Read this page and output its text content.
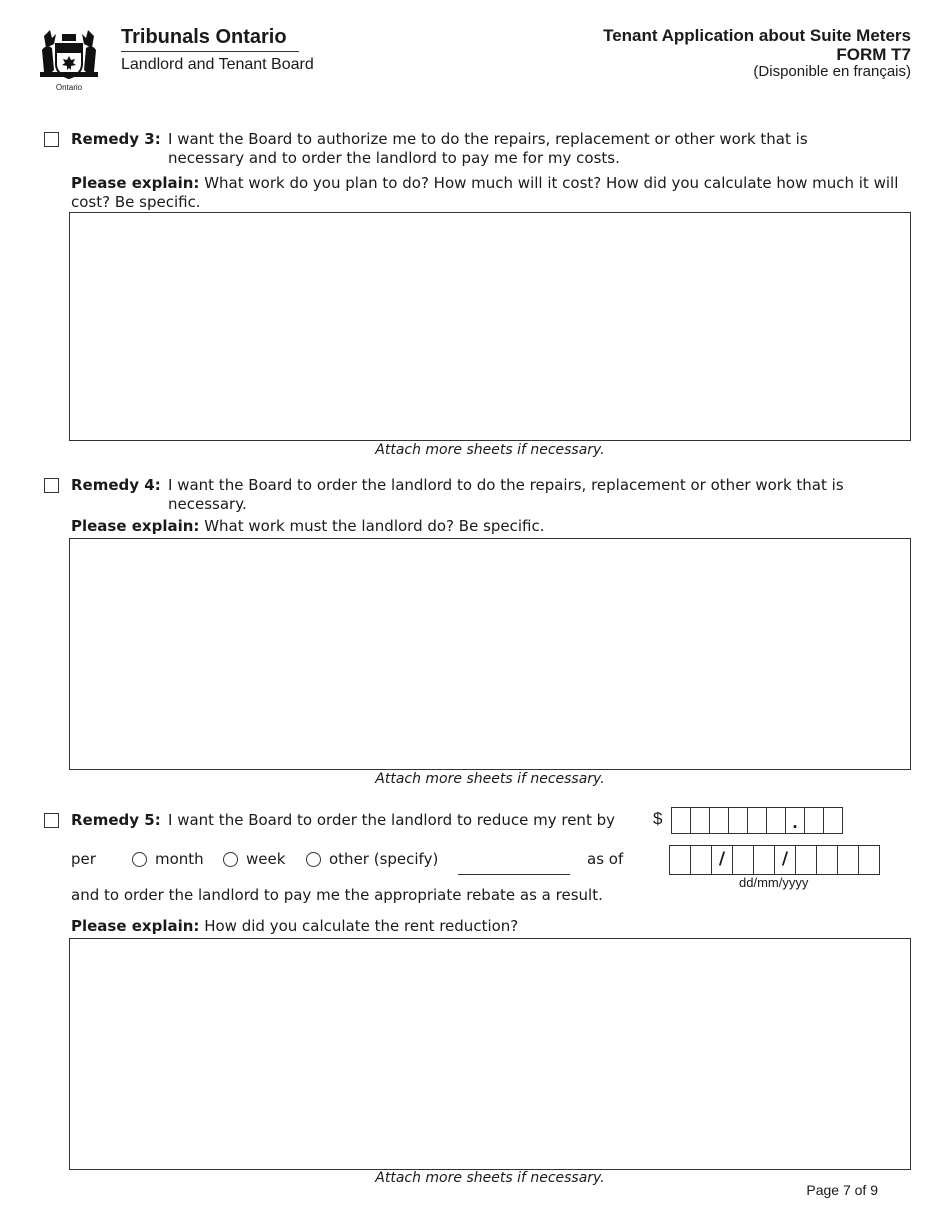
Ontario
Tribunals Ontario
Landlord and Tenant Board
Tenant Application about Suite Meters
FORM T7
(Disponible en français)
Remedy 3: I want the Board to authorize me to do the repairs, replacement or other work that is necessary and to order the landlord to pay me for my costs.
Please explain: What work do you plan to do? How much will it cost? How did you calculate how much it will cost? Be specific.
Attach more sheets if necessary.
Remedy 4: I want the Board to order the landlord to do the repairs, replacement or other work that is necessary.
Please explain: What work must the landlord do? Be specific.
Attach more sheets if necessary.
Remedy 5: I want the Board to order the landlord to reduce my rent by $	.
per	month	week	other (specify)	as of	/	/
dd/mm/yyyy
and to order the landlord to pay me the appropriate rebate as a result.
Please explain: How did you calculate the rent reduction?
Attach more sheets if necessary.
Page 7 of 9
